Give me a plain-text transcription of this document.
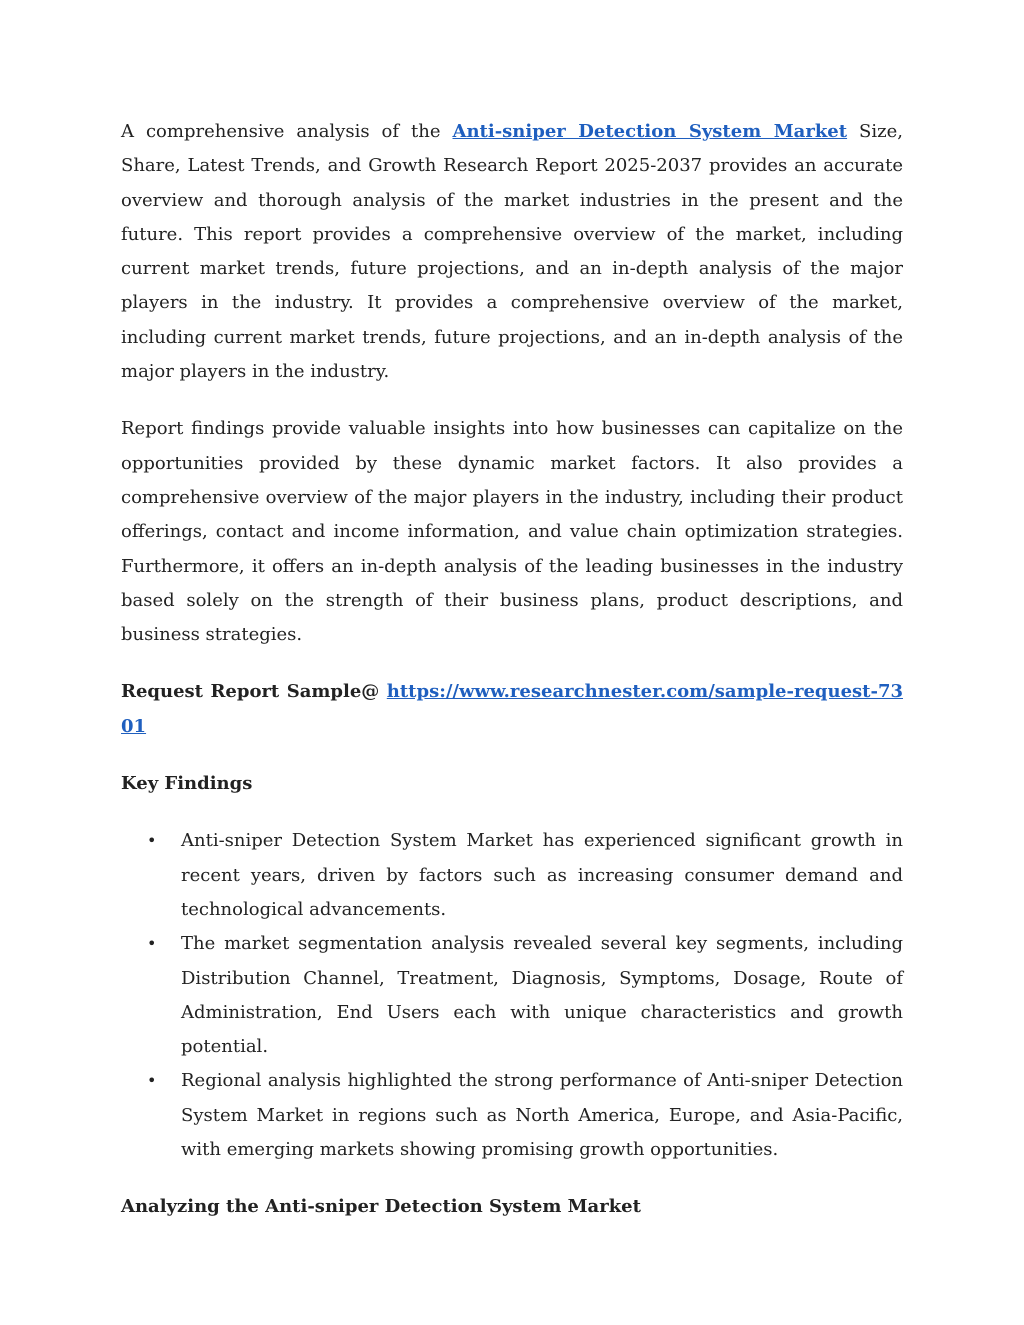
A comprehensive analysis of the Anti-sniper Detection System Market Size, Share, Latest Trends, and Growth Research Report 2025-2037 provides an accurate overview and thorough analysis of the market industries in the present and the future. This report provides a comprehensive overview of the market, including current market trends, future projections, and an in-depth analysis of the major players in the industry. It provides a comprehensive overview of the market, including current market trends, future projections, and an in-depth analysis of the major players in the industry.

Report findings provide valuable insights into how businesses can capitalize on the opportunities provided by these dynamic market factors. It also provides a comprehensive overview of the major players in the industry, including their product offerings, contact and income information, and value chain optimization strategies. Furthermore, it offers an in-depth analysis of the leading businesses in the industry based solely on the strength of their business plans, product descriptions, and business strategies.

Request Report Sample@ https://www.researchnester.com/sample-request-7301

Key Findings
• Anti-sniper Detection System Market has experienced significant growth in recent years, driven by factors such as increasing consumer demand and technological advancements.
• The market segmentation analysis revealed several key segments, including Distribution Channel, Treatment, Diagnosis, Symptoms, Dosage, Route of Administration, End Users each with unique characteristics and growth potential.
• Regional analysis highlighted the strong performance of Anti-sniper Detection System Market in regions such as North America, Europe, and Asia-Pacific, with emerging markets showing promising growth opportunities.
Analyzing the Anti-sniper Detection System Market
